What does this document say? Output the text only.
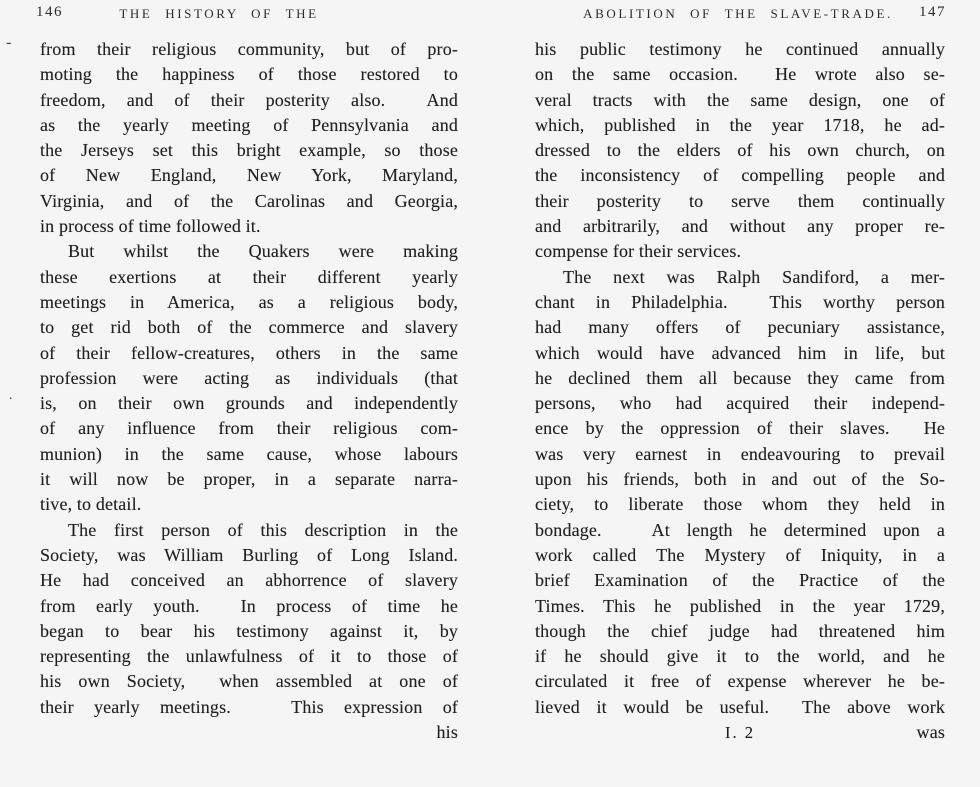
-
.
146	THE HISTORY OF THE
from their religious community, but of pro-
moting the happiness of those restored to
freedom, and of their posterity also.  And
as the yearly meeting of Pennsylvania and
the Jerseys set this bright example, so those
of New England, New York, Maryland,
Virginia, and of the Carolinas and Georgia,
in process of time followed it.
But whilst the Quakers were making
these exertions at their different yearly
meetings in America, as a religious body,
to get rid both of the commerce and slavery
of their fellow-creatures, others in the same
profession were acting as individuals (that
is, on their own grounds and independently
of any influence from their religious com-
munion) in the same cause, whose labours
it will now be proper, in a separate narra-
tive, to detail.
The first person of this description in the
Society, was William Burling of Long Island.
He had conceived an abhorrence of slavery
from early youth.  In process of time he
began to bear his testimony against it, by
representing the unlawfulness of it to those of
his own Society,  when assembled at one of
their yearly meetings.   This expression of
his
ABOLITION OF THE SLAVE-TRADE.	147
his public testimony he continued annually
on the same occasion.  He wrote also se-
veral tracts with the same design, one of
which, published in the year 1718, he ad-
dressed to the elders of his own church, on
the inconsistency of compelling people and
their posterity to serve them continually
and arbitrarily, and without any proper re-
compense for their services.
The next was Ralph Sandiford, a mer-
chant in Philadelphia.  This worthy person
had many offers of pecuniary assistance,
which would have advanced him in life, but
he declined them all because they came from
persons, who had acquired their independ-
ence by the oppression of their slaves.  He
was very earnest in endeavouring to prevail
upon his friends, both in and out of the So-
ciety, to liberate those whom they held in
bondage.   At length he determined upon a
work called The Mystery of Iniquity, in a
brief Examination of the Practice of the
Times. This he published in the year 1729,
though the chief judge had threatened him
if he should give it to the world, and he
circulated it free of expense wherever he be-
lieved it would be useful.  The above work
I. 2	was
